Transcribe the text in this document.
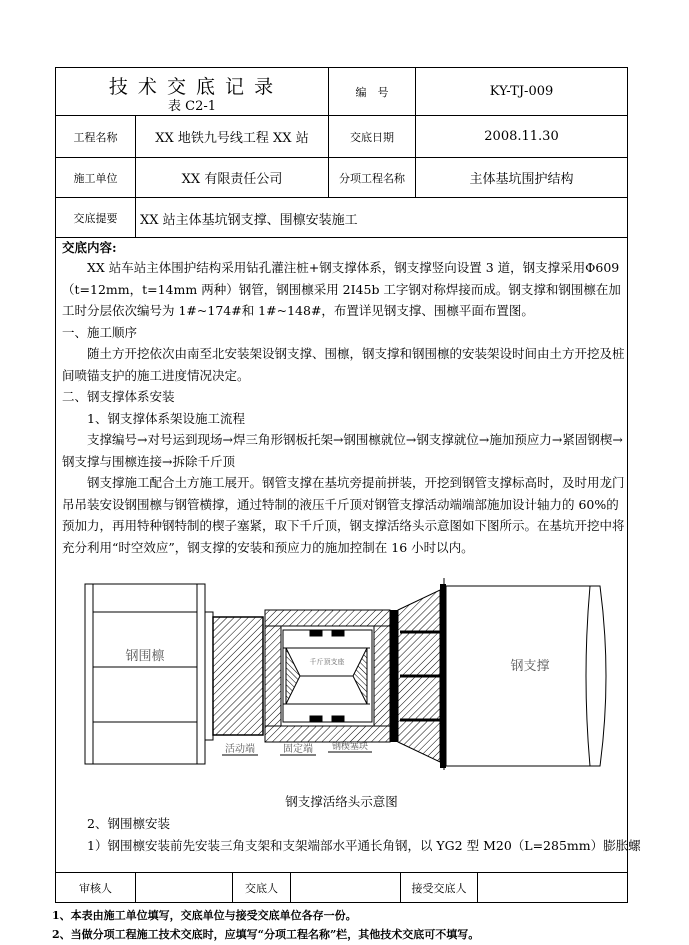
技 术 交 底 记 录
表 C2-1
编　号	KY-TJ-009
工程名称	XX 地铁九号线工程 XX 站	交底日期	2008.11.30
施工单位	XX 有限责任公司	分项工程名称	主体基坑围护结构
交底提要	XX 站主体基坑钢支撑、围檩安装施工
交底内容:

XX 站车站主体围护结构采用钻孔灌注桩+钢支撑体系，钢支撑竖向设置 3 道，钢支撑采用Φ609（t=12mm，t=14mm 两种）钢管，钢围檩采用 2I45b 工字钢对称焊接而成。钢支撑和钢围檩在加工时分层依次编号为 1#~174#和 1#~148#，布置详见钢支撑、围檩平面布置图。

一、施工顺序

随土方开挖依次由南至北安装架设钢支撑、围檩，钢支撑和钢围檩的安装架设时间由土方开挖及桩间喷锚支护的施工进度情况决定。

二、钢支撑体系安装

1、钢支撑体系架设施工流程

支撑编号→对号运到现场→焊三角形钢板托架→钢围檩就位→钢支撑就位→施加预应力→紧固钢楔→钢支撑与围檩连接→拆除千斤顶

钢支撑施工配合土方施工展开。钢管支撑在基坑旁提前拼装，开挖到钢管支撑标高时，及时用龙门吊吊装安设钢围檩与钢管横撑，通过特制的液压千斤顶对钢管支撑活动端端部施加设计轴力的 60%的预加力，再用特种钢特制的楔子塞紧，取下千斤顶，钢支撑活络头示意图如下图所示。在基坑开挖中将充分利用“时空效应”，钢支撑的安装和预应力的施加控制在 16 小时以内。

钢围檩	千斤顶支座	钢支撑
活动端	固定端 钢楔塞块
钢支撑活络头示意图
2、钢围檩安装
1）钢围檩安装前先安装三角支架和支架端部水平通长角钢，以 YG2 型 M20（L=285mm）膨胀螺
审核人	交底人	接受交底人
1、本表由施工单位填写，交底单位与接受交底单位各存一份。
2、当做分项工程施工技术交底时，应填写“分项工程名称”栏，其他技术交底可不填写。
